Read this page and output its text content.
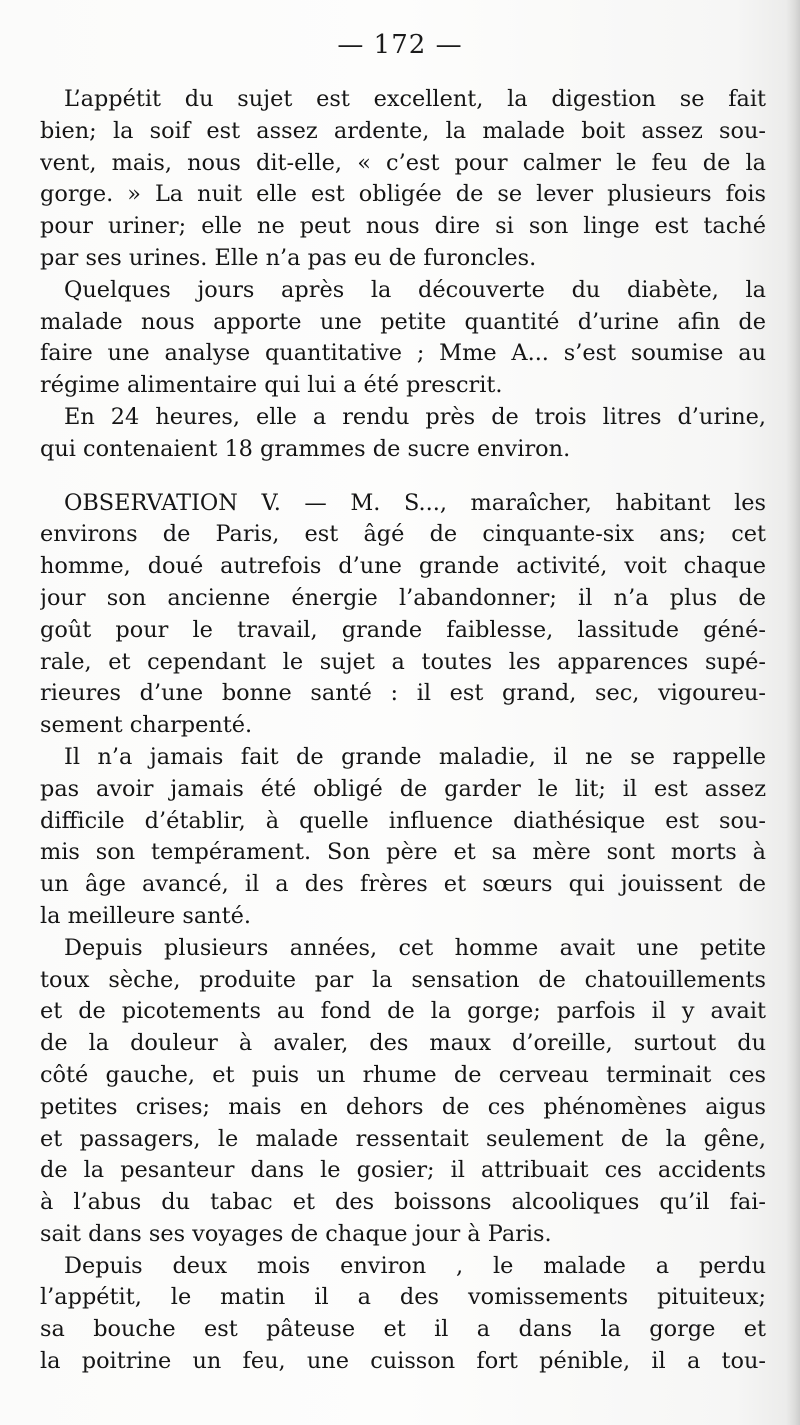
— 172 —
L’appétit du sujet est excellent, la digestion se fait
bien; la soif est assez ardente, la malade boit assez sou-
vent, mais, nous dit-elle, « c’est pour calmer le feu de la
gorge. » La nuit elle est obligée de se lever plusieurs fois
pour uriner; elle ne peut nous dire si son linge est taché
par ses urines. Elle n’a pas eu de furoncles.
Quelques jours après la découverte du diabète, la
malade nous apporte une petite quantité d’urine afin de
faire une analyse quantitative ; Mme A... s’est soumise au
régime alimentaire qui lui a été prescrit.
En 24 heures, elle a rendu près de trois litres d’urine,
qui contenaient 18 grammes de sucre environ.
OBSERVATION V. — M. S..., maraîcher, habitant les
environs de Paris, est âgé de cinquante-six ans; cet
homme, doué autrefois d’une grande activité, voit chaque
jour son ancienne énergie l’abandonner; il n’a plus de
goût pour le travail, grande faiblesse, lassitude géné-
rale, et cependant le sujet a toutes les apparences supé-
rieures d’une bonne santé : il est grand, sec, vigoureu-
sement charpenté.
Il n’a jamais fait de grande maladie, il ne se rappelle
pas avoir jamais été obligé de garder le lit; il est assez
difficile d’établir, à quelle influence diathésique est sou-
mis son tempérament. Son père et sa mère sont morts à
un âge avancé, il a des frères et sœurs qui jouissent de
la meilleure santé.
Depuis plusieurs années, cet homme avait une petite
toux sèche, produite par la sensation de chatouillements
et de picotements au fond de la gorge; parfois il y avait
de la douleur à avaler, des maux d’oreille, surtout du
côté gauche, et puis un rhume de cerveau terminait ces
petites crises; mais en dehors de ces phénomènes aigus
et passagers, le malade ressentait seulement de la gêne,
de la pesanteur dans le gosier; il attribuait ces accidents
à l’abus du tabac et des boissons alcooliques qu’il fai-
sait dans ses voyages de chaque jour à Paris.
Depuis deux mois environ , le malade a perdu
l’appétit, le matin il a des vomissements pituiteux;
sa bouche est pâteuse et il a dans la gorge et
la poitrine un feu, une cuisson fort pénible, il a tou-
